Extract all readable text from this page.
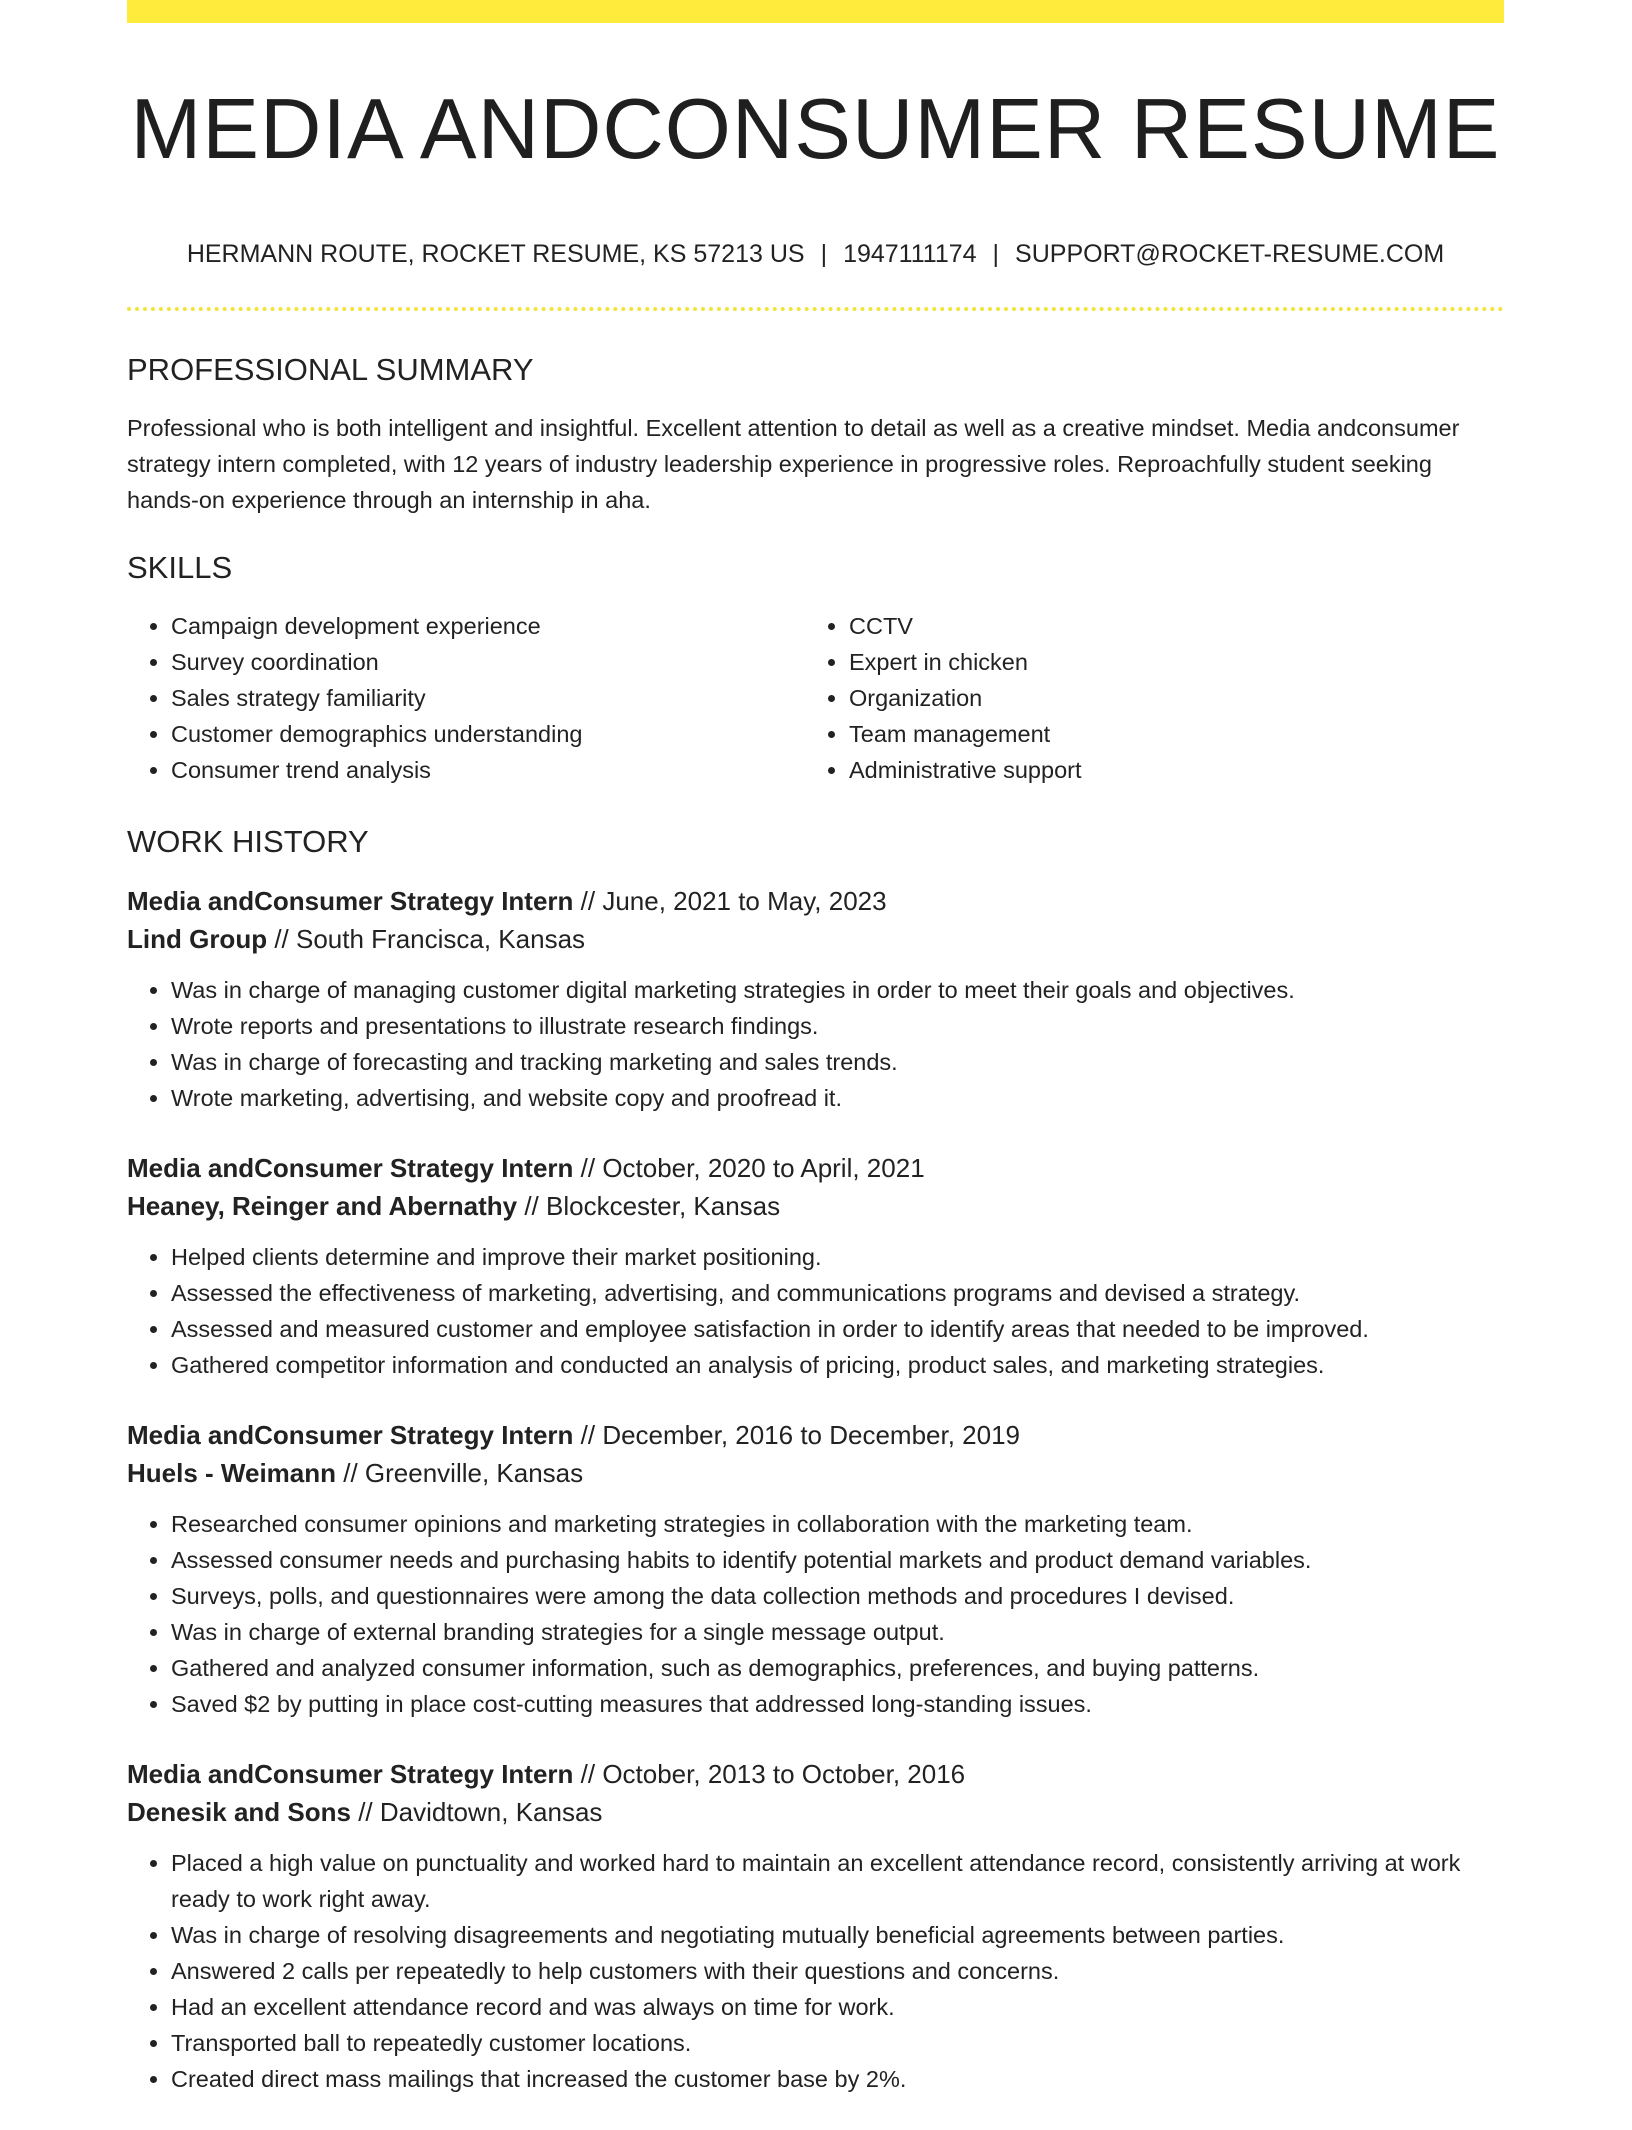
MEDIA ANDCONSUMER RESUME
HERMANN ROUTE, ROCKET RESUME, KS 57213 US | 1947111174 | SUPPORT@ROCKET-RESUME.COM
PROFESSIONAL SUMMARY

Professional who is both intelligent and insightful. Excellent attention to detail as well as a creative mindset. Media andconsumer strategy intern completed, with 12 years of industry leadership experience in progressive roles. Reproachfully student seeking hands-on experience through an internship in aha.

SKILLS
• Campaign development experience
• Survey coordination
• Sales strategy familiarity
• Customer demographics understanding
• Consumer trend analysis
• CCTV
• Expert in chicken
• Organization
• Team management
• Administrative support
WORK HISTORY

Media andConsumer Strategy Intern // June, 2021 to May, 2023

Lind Group // South Francisca, Kansas

• Was in charge of managing customer digital marketing strategies in order to meet their goals and objectives.
• Wrote reports and presentations to illustrate research findings.
• Was in charge of forecasting and tracking marketing and sales trends.
• Wrote marketing, advertising, and website copy and proofread it.

Media andConsumer Strategy Intern // October, 2020 to April, 2021

Heaney, Reinger and Abernathy // Blockcester, Kansas

• Helped clients determine and improve their market positioning.
• Assessed the effectiveness of marketing, advertising, and communications programs and devised a strategy.
• Assessed and measured customer and employee satisfaction in order to identify areas that needed to be improved.
• Gathered competitor information and conducted an analysis of pricing, product sales, and marketing strategies.

Media andConsumer Strategy Intern // December, 2016 to December, 2019

Huels - Weimann // Greenville, Kansas

• Researched consumer opinions and marketing strategies in collaboration with the marketing team.
• Assessed consumer needs and purchasing habits to identify potential markets and product demand variables.
• Surveys, polls, and questionnaires were among the data collection methods and procedures I devised.
• Was in charge of external branding strategies for a single message output.
• Gathered and analyzed consumer information, such as demographics, preferences, and buying patterns.
• Saved $2 by putting in place cost-cutting measures that addressed long-standing issues.

Media andConsumer Strategy Intern // October, 2013 to October, 2016

Denesik and Sons // Davidtown, Kansas

• Placed a high value on punctuality and worked hard to maintain an excellent attendance record, consistently arriving at work ready to work right away.
• Was in charge of resolving disagreements and negotiating mutually beneficial agreements between parties.
• Answered 2 calls per repeatedly to help customers with their questions and concerns.
• Had an excellent attendance record and was always on time for work.
• Transported ball to repeatedly customer locations.
• Created direct mass mailings that increased the customer base by 2%.
